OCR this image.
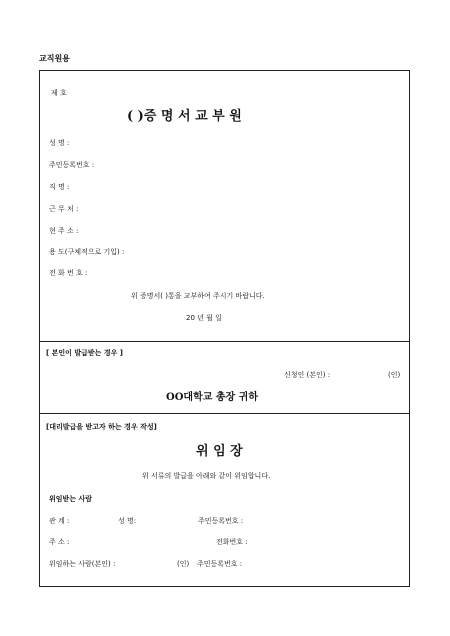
교직원용
제 호
( )증 명 서 교 부 원
성 명 :
주민등록번호 :
직 명 :
근 무 처 :
현 주 소 :
용 도(구체적으로 기입) :
전 화 번 호 :
위 증명서( )통을 교부하여 주시기 바랍니다.
20 년 월 일
[ 본인이 발급받는 경우 ]
신청인 (본인) :	(인)
OO대학교 총장 귀하
[대리발급을 받고자 하는 경우 작성]
위 임 장
위 서류의 발급을 아래와 같이 위임합니다.
위임받는 사람
관 계 :	성 명:	주민등록번호 :
주 소 :	전화번호 :
위임하는 사람(본인) :	(인) 주민등록번호 :
